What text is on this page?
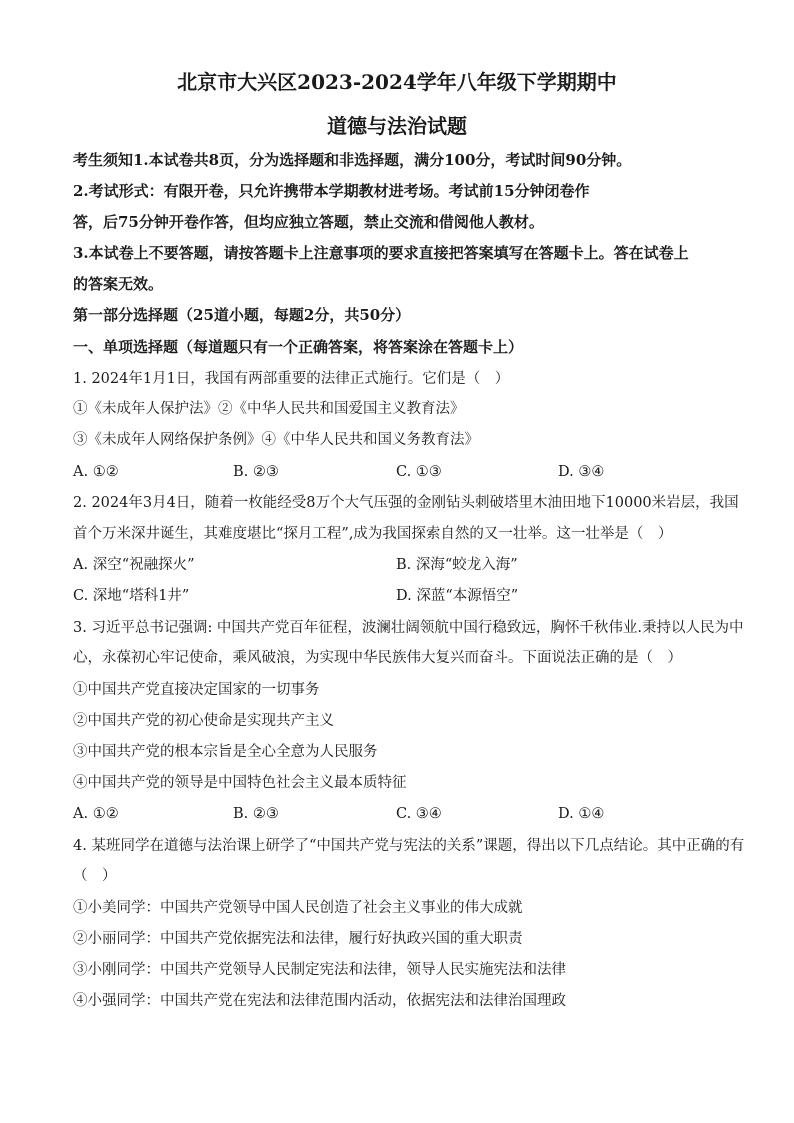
北京市大兴区2023-2024学年八年级下学期期中
道德与法治试题
考生须知1.本试卷共8页，分为选择题和非选择题，满分100分，考试时间90分钟。
2.考试形式：有限开卷，只允许携带本学期教材进考场。考试前15分钟闭卷作
答，后75分钟开卷作答，但均应独立答题，禁止交流和借阅他人教材。
3.本试卷上不要答题，请按答题卡上注意事项的要求直接把答案填写在答题卡上。答在试卷上
的答案无效。
第一部分选择题（25道小题，每题2分，共50分）
一、单项选择题（每道题只有一个正确答案，将答案涂在答题卡上）
1. 2024年1月1日，我国有两部重要的法律正式施行。它们是（　）
①《未成年人保护法》②《中华人民共和国爱国主义教育法》
③《未成年人网络保护条例》④《中华人民共和国义务教育法》
A. ①②	B. ②③	C. ①③	D. ③④
2. 2024年3月4日，随着一枚能经受8万个大气压强的金刚钻头刺破塔里木油田地下10000米岩层，我国
首个万米深井诞生，其难度堪比“探月工程”,成为我国探索自然的又一壮举。这一壮举是（　）
A. 深空“祝融探火”	B. 深海“蛟龙入海”
C. 深地“塔科1井”	D. 深蓝“本源悟空”
3. 习近平总书记强调: 中国共产党百年征程，波澜壮阔领航中国行稳致远，胸怀千秋伟业.秉持以人民为中
心，永葆初心牢记使命，乘风破浪，为实现中华民族伟大复兴而奋斗。下面说法正确的是（　）
①中国共产党直接决定国家的一切事务
②中国共产党的初心使命是实现共产主义
③中国共产党的根本宗旨是全心全意为人民服务
④中国共产党的领导是中国特色社会主义最本质特征
A. ①②	B. ②③	C. ③④	D. ①④
4. 某班同学在道德与法治课上研学了“中国共产党与宪法的关系”课题，得出以下几点结论。其中正确的有
（　）
①小美同学：中国共产党领导中国人民创造了社会主义事业的伟大成就
②小丽同学：中国共产党依据宪法和法律，履行好执政兴国的重大职责
③小刚同学：中国共产党领导人民制定宪法和法律，领导人民实施宪法和法律
④小强同学：中国共产党在宪法和法律范围内活动，依据宪法和法律治国理政
